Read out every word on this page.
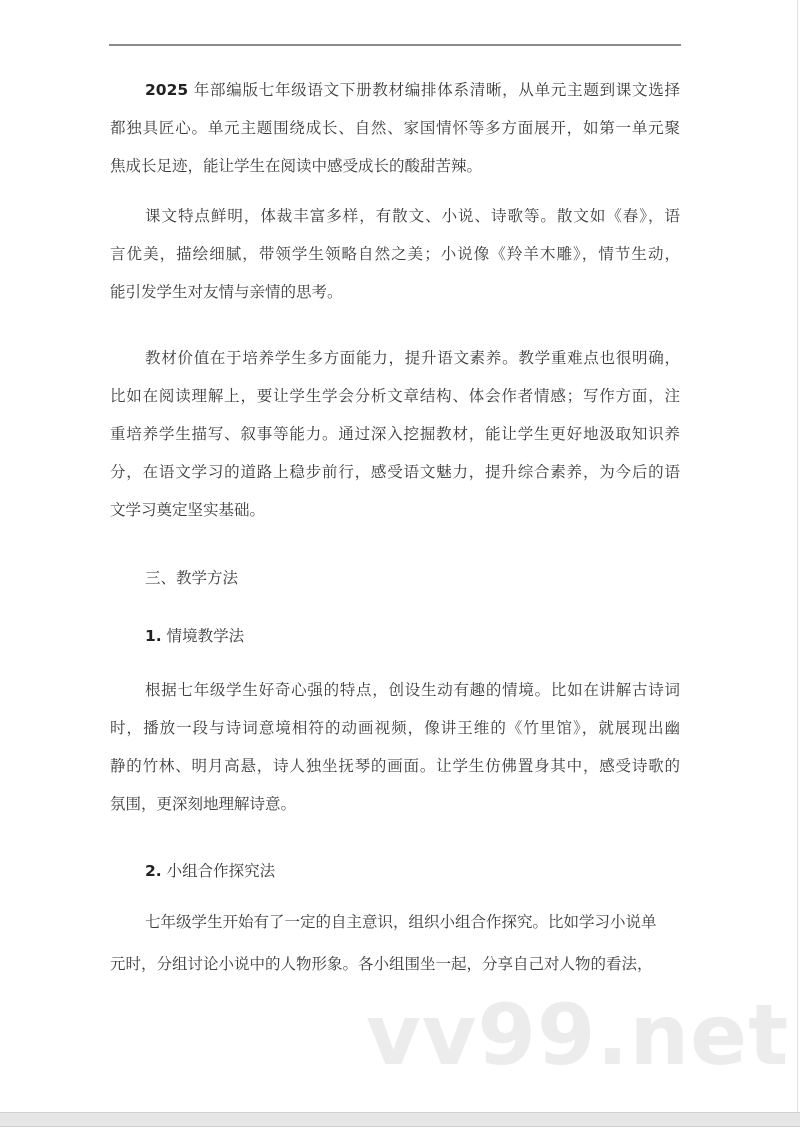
2025 年部编版七年级语文下册教材编排体系清晰，从单元主题到课文选择
都独具匠心。单元主题围绕成长、自然、家国情怀等多方面展开，如第一单元聚
焦成长足迹，能让学生在阅读中感受成长的酸甜苦辣。
课文特点鲜明，体裁丰富多样，有散文、小说、诗歌等。散文如《春》，语
言优美，描绘细腻，带领学生领略自然之美；小说像《羚羊木雕》，情节生动，
能引发学生对友情与亲情的思考。
教材价值在于培养学生多方面能力，提升语文素养。教学重难点也很明确，
比如在阅读理解上，要让学生学会分析文章结构、体会作者情感；写作方面，注
重培养学生描写、叙事等能力。通过深入挖掘教材，能让学生更好地汲取知识养
分，在语文学习的道路上稳步前行，感受语文魅力，提升综合素养，为今后的语
文学习奠定坚实基础。
三、教学方法
1. 情境教学法
根据七年级学生好奇心强的特点，创设生动有趣的情境。比如在讲解古诗词
时，播放一段与诗词意境相符的动画视频，像讲王维的《竹里馆》，就展现出幽
静的竹林、明月高悬，诗人独坐抚琴的画面。让学生仿佛置身其中，感受诗歌的
氛围，更深刻地理解诗意。
2. 小组合作探究法
七年级学生开始有了一定的自主意识，组织小组合作探究。比如学习小说单
元时，分组讨论小说中的人物形象。各小组围坐一起，分享自己对人物的看法，
vv99.net
